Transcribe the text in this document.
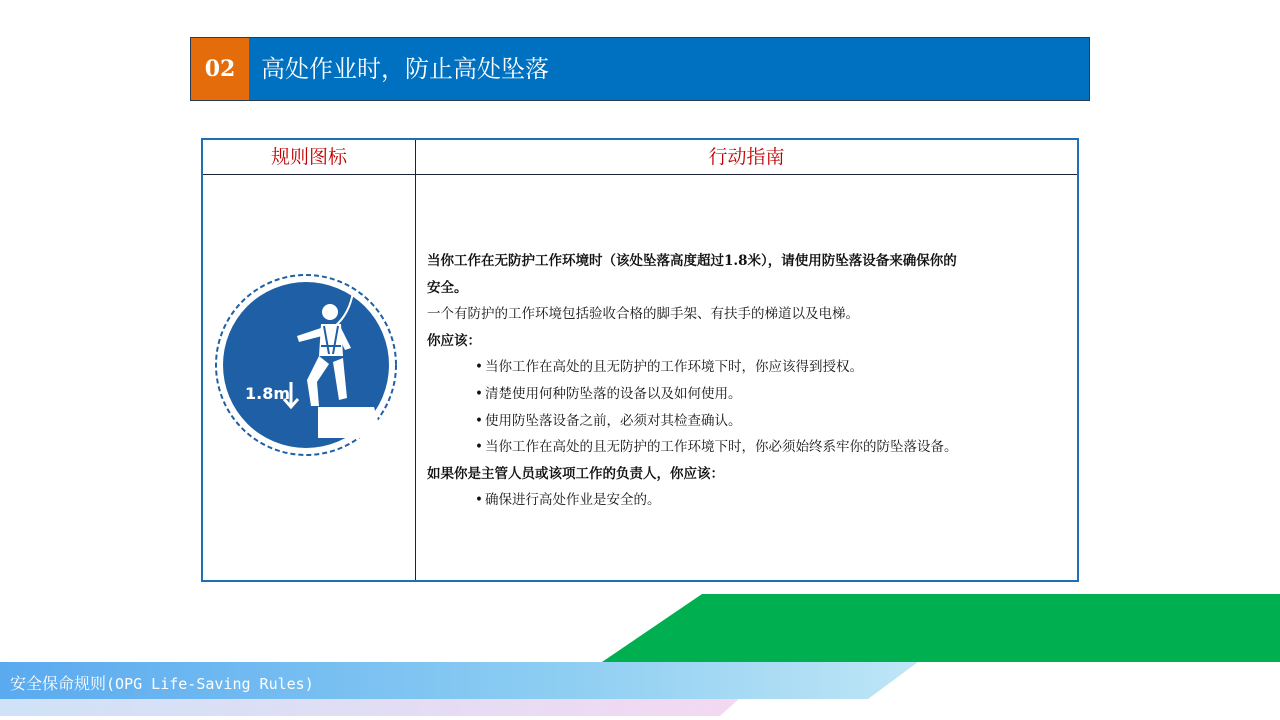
02	高处作业时，防止高处坠落
规则图标	行动指南
1.8m
当你工作在无防护工作环境时（该处坠落高度超过1.8米），请使用防坠落设备来确保你的
安全。
一个有防护的工作环境包括验收合格的脚手架、有扶手的梯道以及电梯。
你应该：
• 当你工作在高处的且无防护的工作环境下时，你应该得到授权。
• 清楚使用何种防坠落的设备以及如何使用。
• 使用防坠落设备之前，必须对其检查确认。
• 当你工作在高处的且无防护的工作环境下时，你必须始终系牢你的防坠落设备。
如果你是主管人员或该项工作的负责人，你应该：
• 确保进行高处作业是安全的。
安全保命规则(OPG Life-Saving Rules)
